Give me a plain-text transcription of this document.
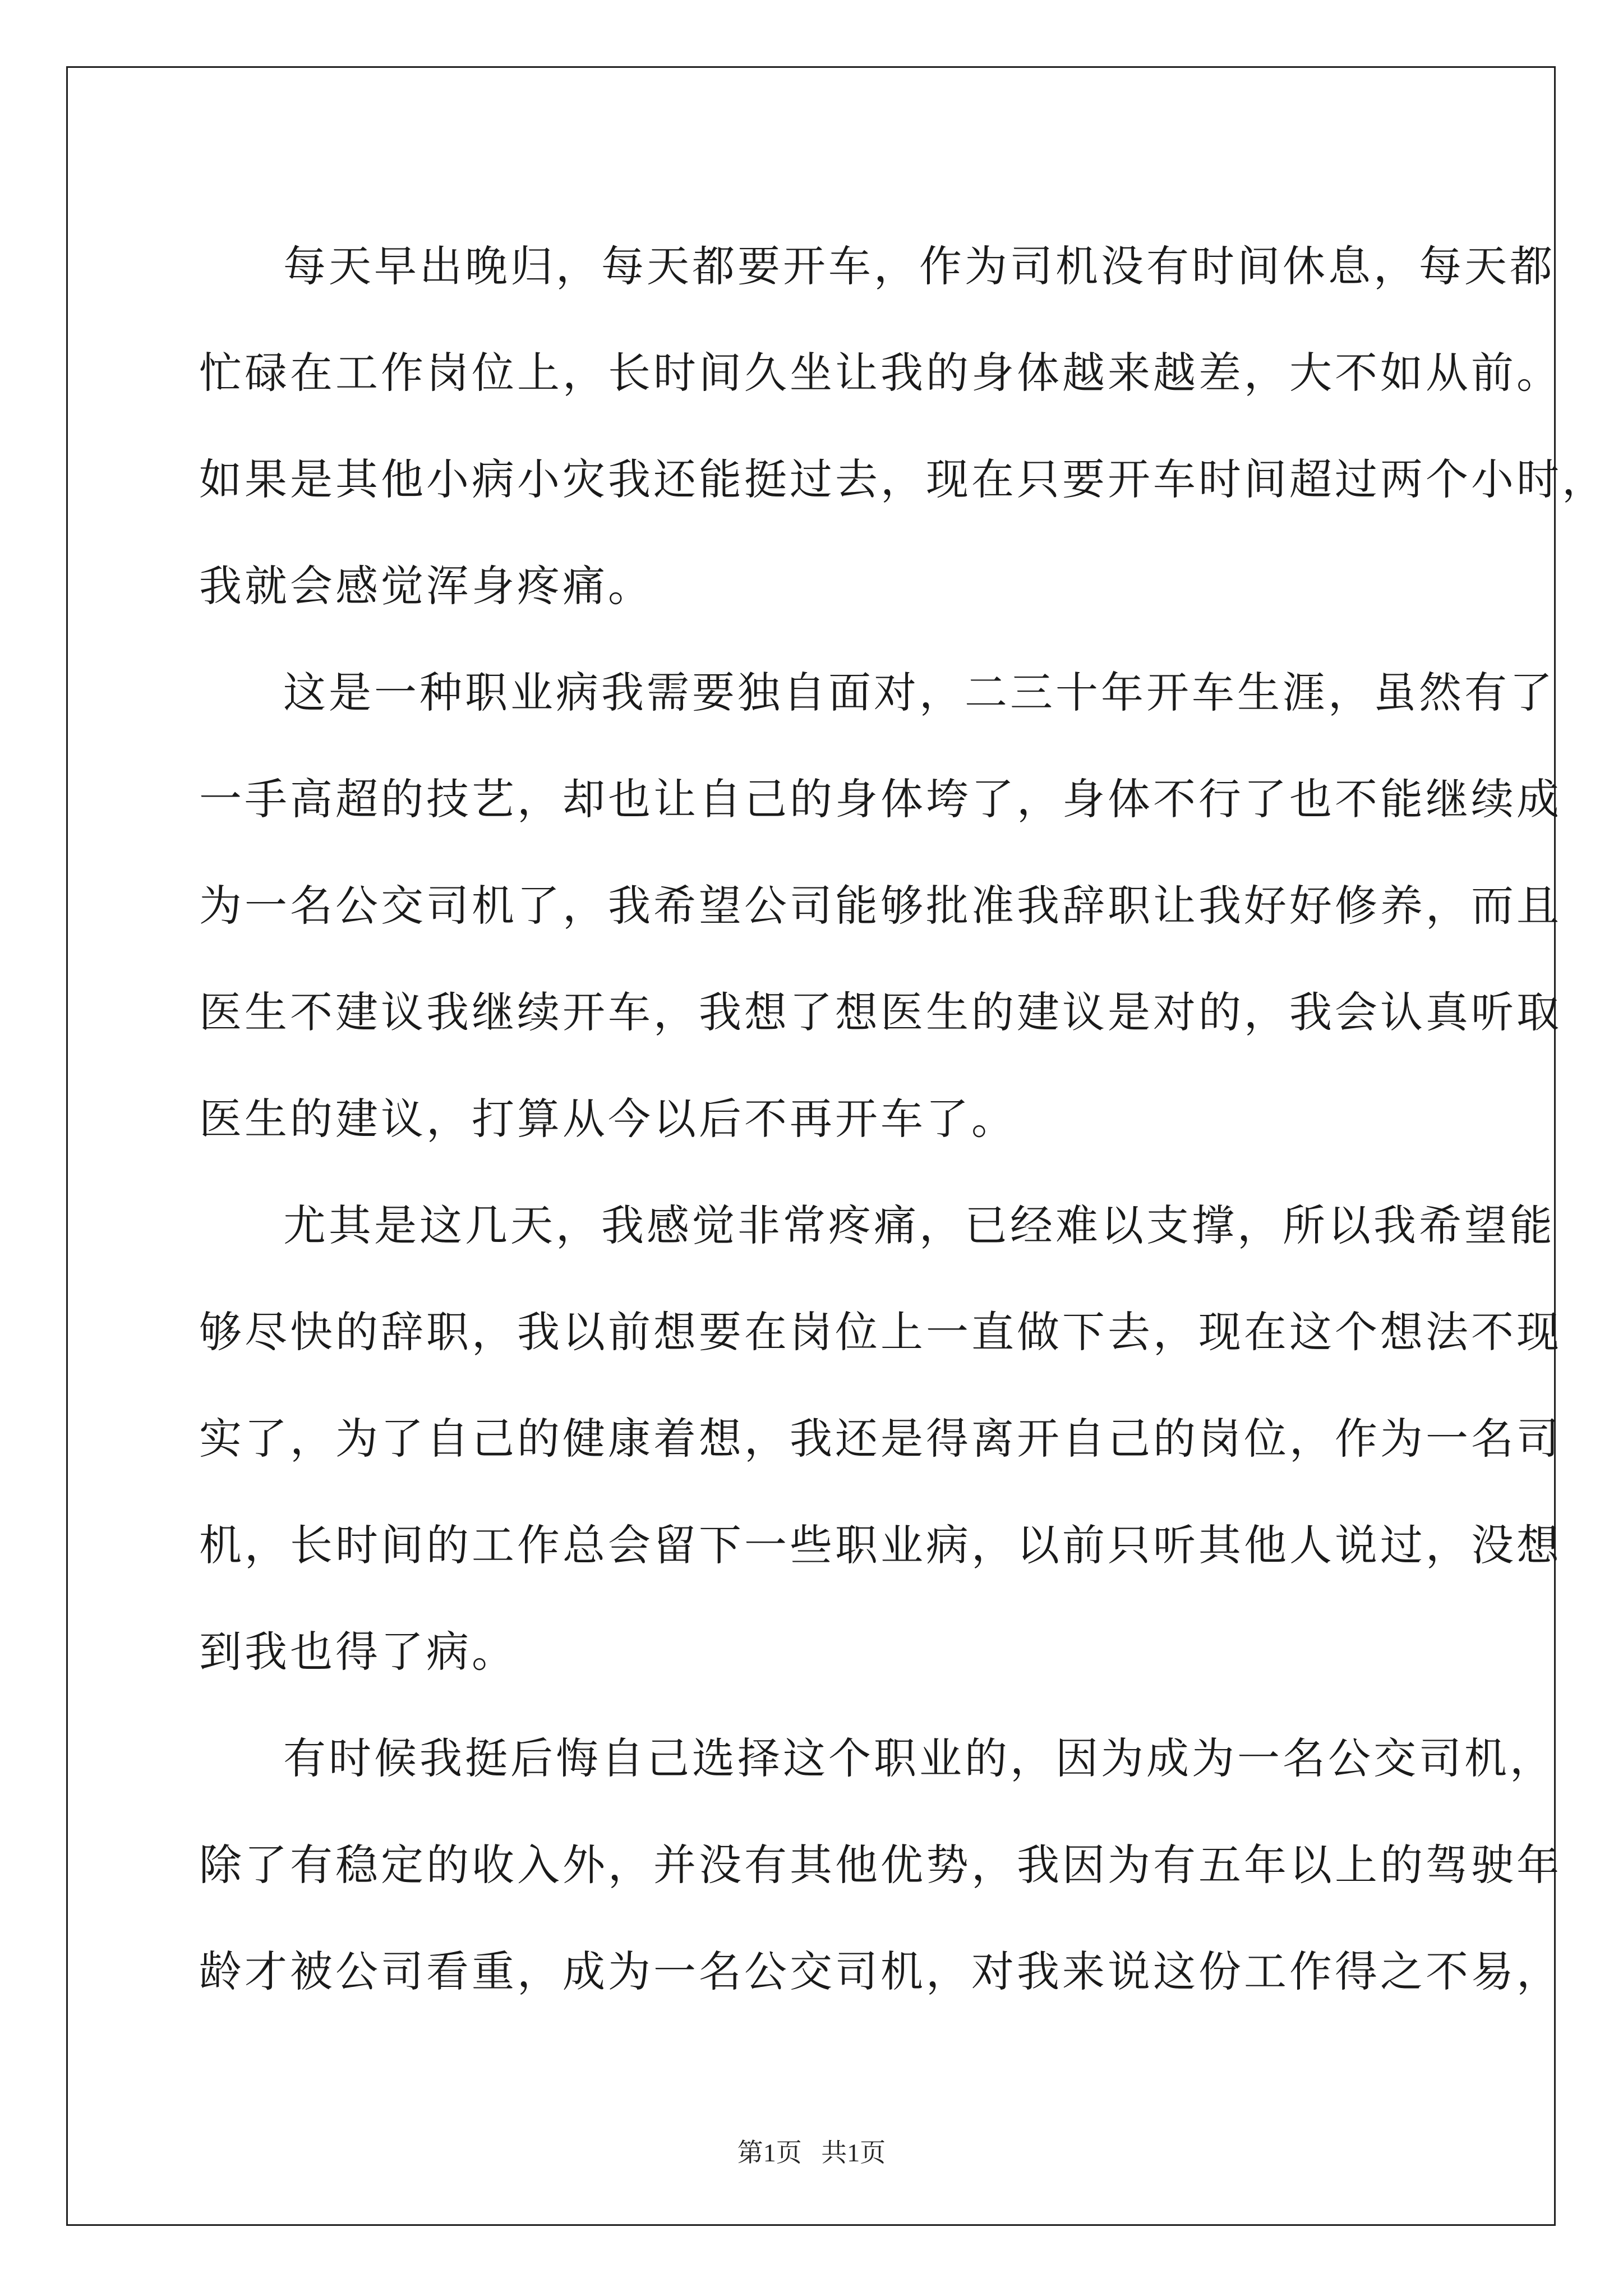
每天早出晚归，每天都要开车，作为司机没有时间休息，每天都
忙碌在工作岗位上，长时间久坐让我的身体越来越差，大不如从前。
如果是其他小病小灾我还能挺过去，现在只要开车时间超过两个小时，
我就会感觉浑身疼痛。
这是一种职业病我需要独自面对，二三十年开车生涯，虽然有了
一手高超的技艺，却也让自己的身体垮了，身体不行了也不能继续成
为一名公交司机了，我希望公司能够批准我辞职让我好好修养，而且
医生不建议我继续开车，我想了想医生的建议是对的，我会认真听取
医生的建议，打算从今以后不再开车了。
尤其是这几天，我感觉非常疼痛，已经难以支撑，所以我希望能
够尽快的辞职，我以前想要在岗位上一直做下去，现在这个想法不现
实了，为了自己的健康着想，我还是得离开自己的岗位，作为一名司
机，长时间的工作总会留下一些职业病，以前只听其他人说过，没想
到我也得了病。
有时候我挺后悔自己选择这个职业的，因为成为一名公交司机，
除了有稳定的收入外，并没有其他优势，我因为有五年以上的驾驶年
龄才被公司看重，成为一名公交司机，对我来说这份工作得之不易，
第1页   共1页
